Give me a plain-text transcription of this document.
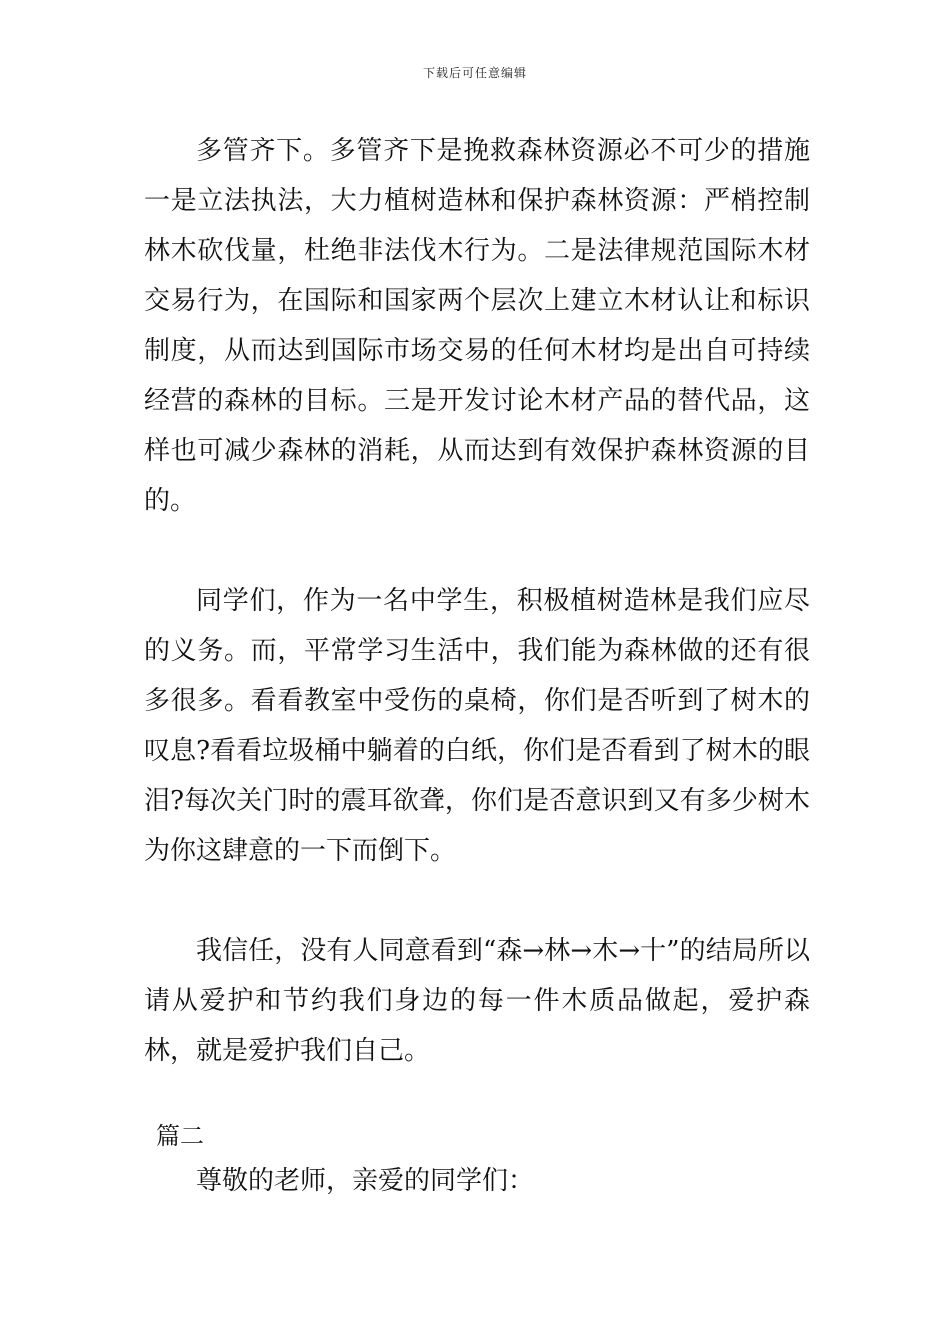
下载后可任意编辑

多管齐下。多管齐下是挽救森林资源必不可少的措施一是立法执法，大力植树造林和保护森林资源：严梢控制林木砍伐量，杜绝非法伐木行为。二是法律规范国际木材交易行为，在国际和国家两个层次上建立木材认让和标识制度，从而达到国际市场交易的任何木材均是出自可持续经营的森林的目标。三是开发讨论木材产品的替代品，这样也可减少森林的消耗，从而达到有效保护森林资源的目的。

同学们，作为一名中学生，积极植树造林是我们应尽的义务。而，平常学习生活中，我们能为森林做的还有很多很多。看看教室中受伤的桌椅，你们是否听到了树木的叹息?看看垃圾桶中躺着的白纸，你们是否看到了树木的眼泪?每次关门时的震耳欲聋，你们是否意识到又有多少树木为你这肆意的一下而倒下。

我信任，没有人同意看到“森→林→木→十”的结局所以请从爱护和节约我们身边的每一件木质品做起，爱护森林，就是爱护我们自己。

篇二

尊敬的老师，亲爱的同学们：
